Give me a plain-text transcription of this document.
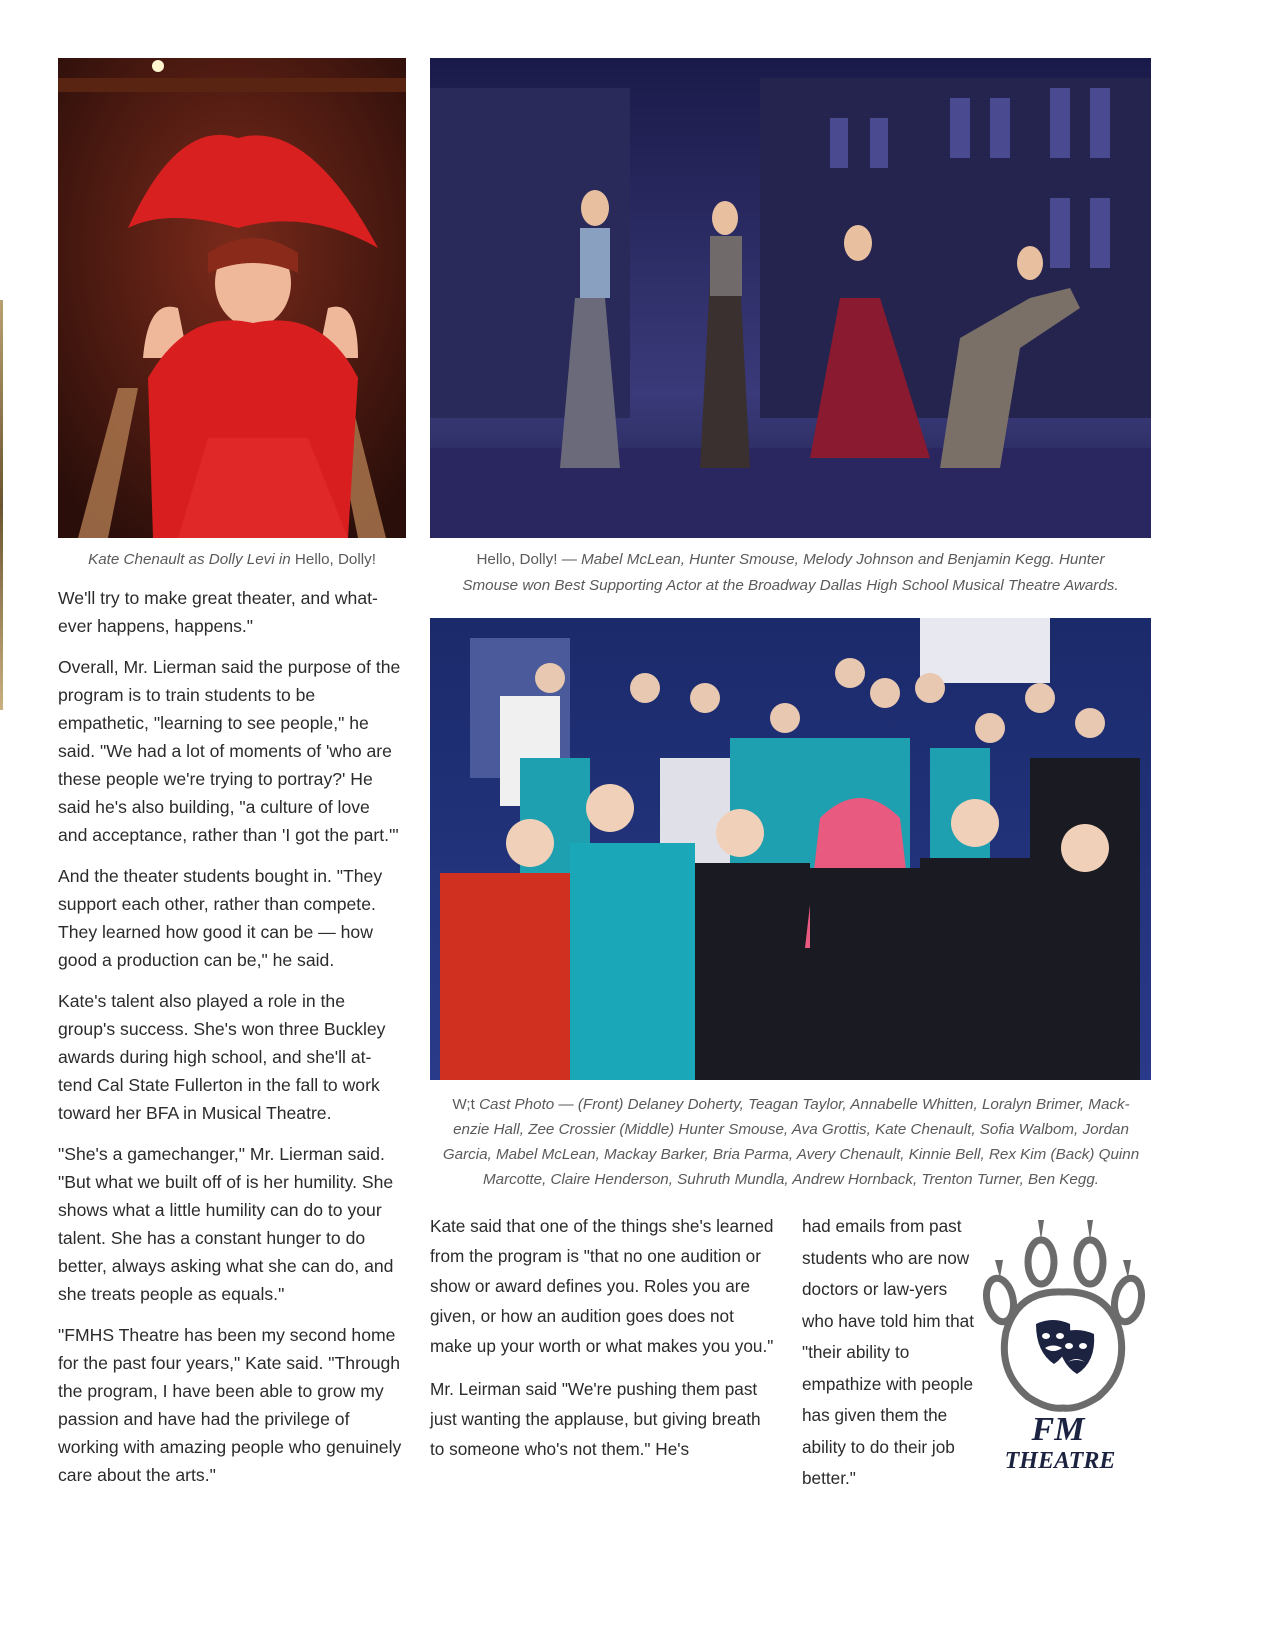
Kate Chenault as Dolly Levi in Hello, Dolly!	Hello, Dolly! — Mabel McLean, Hunter Smouse, Melody Johnson and Benjamin Kegg. Hunter
Smouse won Best Supporting Actor at the Broadway Dallas High School Musical Theatre Awards.
W;t Cast Photo — (Front) Delaney Doherty, Teagan Taylor, Annabelle Whitten, Loralyn Brimer, Mack-
enzie Hall, Zee Crossier (Middle) Hunter Smouse, Ava Grottis, Kate Chenault, Sofia Walbom, Jordan
Garcia, Mabel McLean, Mackay Barker, Bria Parma, Avery Chenault, Kinnie Bell, Rex Kim (Back) Quinn
Marcotte, Claire Henderson, Suhruth Mundla, Andrew Hornback, Trenton Turner, Ben Kegg.

We'll try to make great theater, and what-ever happens, happens."

Overall, Mr. Lierman said the purpose of the program is to train students to be empathetic, "learning to see people," he said. "We had a lot of moments of 'who are these people we're trying to portray?' He said he's also building, "a culture of love and acceptance, rather than 'I got the part.'"

And the theater students bought in. "They support each other, rather than compete. They learned how good it can be — how good a production can be," he said.

Kate's talent also played a role in the group's success. She's won three Buckley awards during high school, and she'll at-tend Cal State Fullerton in the fall to work toward her BFA in Musical Theatre.

"She's a gamechanger," Mr. Lierman said. "But what we built off of is her humility. She shows what a little humility can do to your talent. She has a constant hunger to do better, always asking what she can do, and she treats people as equals."

"FMHS Theatre has been my second home for the past four years," Kate said. "Through the program, I have been able to grow my passion and have had the privilege of working with amazing people who genuinely care about the arts."

Kate said that one of the things she's learned from the program is "that no one audition or show or award defines you. Roles you are given, or how an audition goes does not make up your worth or what makes you you."

Mr. Leirman said "We're pushing them past just wanting the applause, but giving breath to someone who's not them." He's

had emails from past students who are now doctors or law-yers who have told him that "their ability to empathize with people has given them the ability to do their job better."

FM
THEATRE
